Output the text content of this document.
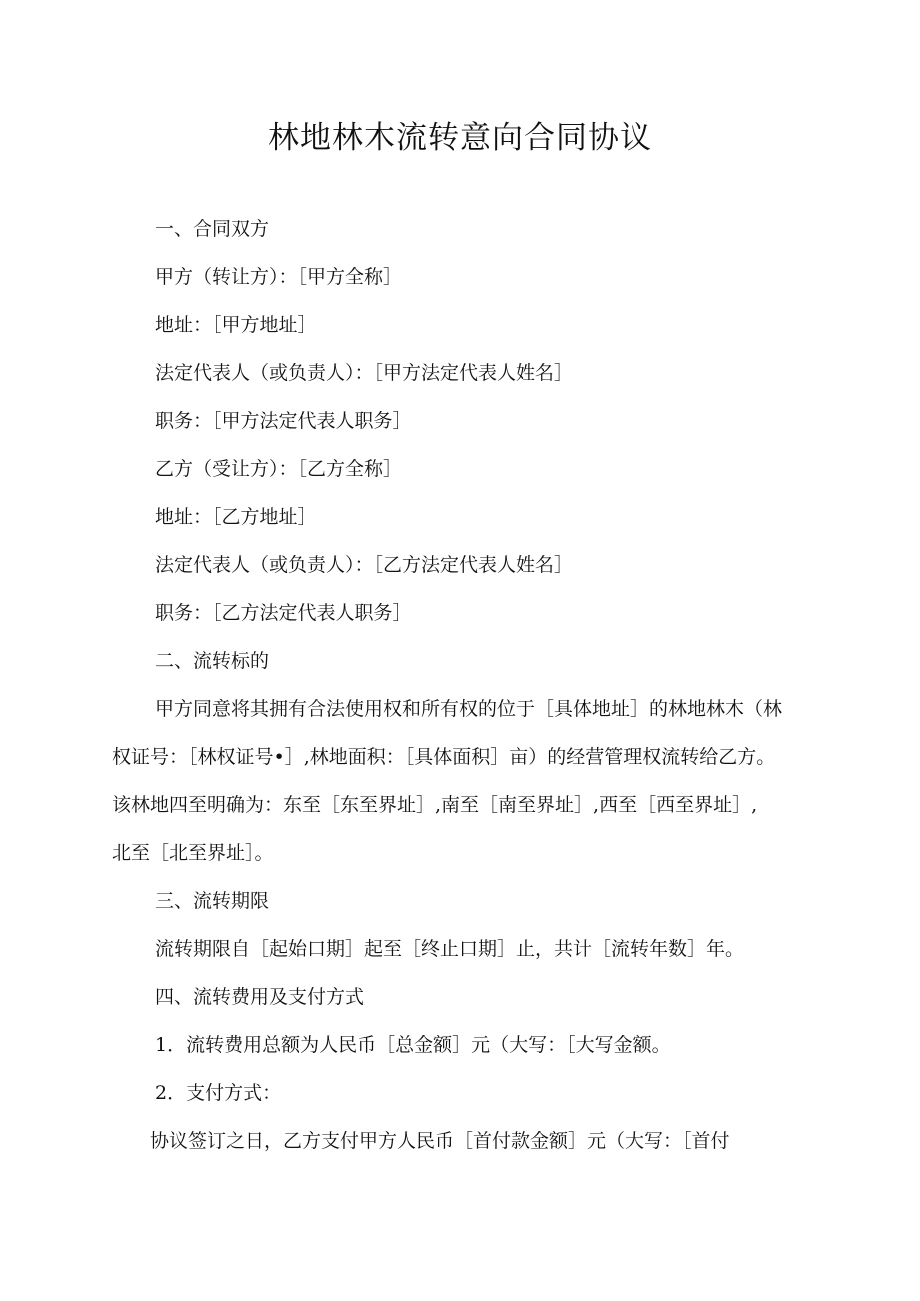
林地林木流转意向合同协议

一、合同双方

甲方（转让方）：［甲方全称］

地址：［甲方地址］

法定代表人（或负责人）：［甲方法定代表人姓名］

职务：［甲方法定代表人职务］

乙方（受让方）：［乙方全称］

地址：［乙方地址］

法定代表人（或负责人）：［乙方法定代表人姓名］

职务：［乙方法定代表人职务］

二、流转标的

甲方同意将其拥有合法使用权和所有权的位于［具体地址］的林地林木（林

权证号：［林权证号•］,林地面积：［具体面积］亩）的经营管理权流转给乙方。

该林地四至明确为：东至［东至界址］,南至［南至界址］,西至［西至界址］,

北至［北至界址］。

三、流转期限

流转期限自［起始口期］起至［终止口期］止，共计［流转年数］年。

四、流转费用及支付方式

1．流转费用总额为人民币［总金额］元（大写：［大写金额。

2．支付方式：

协议签订之日，乙方支付甲方人民币［首付款金额］元（大写：［首付
